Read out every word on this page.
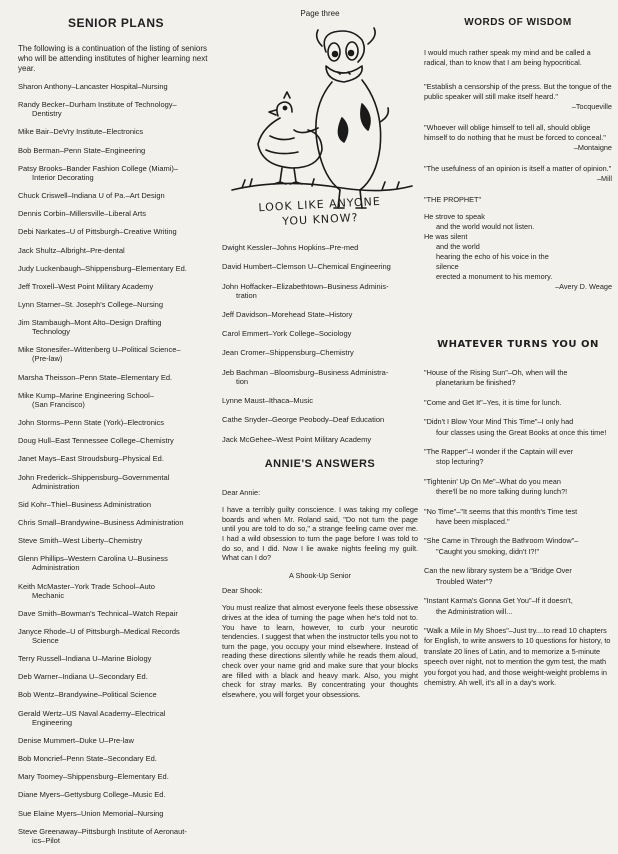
SENIOR PLANS

The following is a continuation of the listing of seniors who will be attending institutes of higher learning next year.

Sharon Anthony–Lancaster Hospital–Nursing
Randy Becker–Durham Institute of Technology–
Dentistry
Mike Bair–DeVry Institute–Electronics
Bob Berman–Penn State–Engineering
Patsy Brooks–Bander Fashion College (Miami)–
Interior Decorating
Chuck Criswell–Indiana U of Pa.–Art Design
Dennis Corbin–Millersville–Liberal Arts
Debi Narkates–U of Pittsburgh–Creative Writing
Jack Shultz–Albright–Pre-dental
Judy Luckenbaugh–Shippensburg–Elementary Ed.
Jeff Troxell–West Point Military Academy
Lynn Starner–St. Joseph's College–Nursing
Jim Stambaugh–Mont Alto–Design Drafting
Technology
Mike Stonesifer–Wittenberg U–Political Science–
(Pre-law)
Marsha Theisson–Penn State–Elementary Ed.
Mike Kump–Marine Engineering School–
(San Francisco)
John Storms–Penn State (York)–Electronics
Doug Hull–East Tennessee College–Chemistry
Janet Mays–East Stroudsburg–Physical Ed.
John Frederick–Shippensburg–Governmental
Administration
Sid Kohr–Thiel–Business Administration
Chris Small–Brandywine–Business Administration
Steve Smith–West Liberty–Chemistry
Glenn Phillips–Western Carolina U–Business
Administration
Keith McMaster–York Trade School–Auto
Mechanic
Dave Smith–Bowman's Technical–Watch Repair
Janyce Rhode–U of Pittsburgh–Medical Records
Science
Terry Russell–Indiana U–Marine Biology
Deb Warner–Indiana U–Secondary Ed.
Bob Wentz–Brandywine–Political Science
Gerald Wertz–US Naval Academy–Electrical
Engineering
Denise Mummert–Duke U–Pre-law
Bob Moncrief–Penn State–Secondary Ed.
Mary Toomey–Shippensburg–Elementary Ed.
Diane Myers–Gettysburg College–Music Ed.
Sue Elaine Myers–Union Memorial–Nursing
Steve Greenaway–Pittsburgh Institute of Aeronaut-
ics–Pilot
Page three
LOOK LIKE ANYONE
YOU KNOW?
Dwight Kessler–Johns Hopkins–Pre-med
David Humbert–Clemson U–Chemical Engineering
John Hoffacker–Elizabethtown–Business Adminis-
tration
Jeff Davidson–Morehead State–History
Carol Emmert–York College–Sociology
Jean Cromer–Shippensburg–Chemistry
Jeb Bachman –Bloomsburg–Business Administra-
tion
Lynne Maust–Ithaca–Music
Cathe Snyder–George Peobody–Deaf Education
Jack McGehee–West Point Military Academy
ANNIE'S ANSWERS

Dear Annie:

I have a terribly guilty conscience. I was taking my college boards and when Mr. Roland said, "Do not turn the page until you are told to do so," a strange feeling came over me. I had a wild obsession to turn the page before I was told to do so, and I did. Now I lie awake nights feeling my guilt. What can I do?

A Shook-Up Senior

Dear Shook:

You must realize that almost everyone feels these obsessive drives at the idea of turning the page when he's told not to. You have to learn, however, to curb your neurotic tendencies. I suggest that when the instructor tells you not to turn the page, you occupy your mind elsewhere. Instead of reading these directions silently while he reads them aloud, check over your name grid and make sure that your blocks are filled with a black and heavy mark. Also, you might check for stray marks. By concentrating your thoughts elsewhere, you will forget your obsessions.

WORDS OF WISDOM

I would much rather speak my mind and be called a radical, than to know that I am being hypocritical.

"Establish a censorship of the press. But the tongue of the public speaker will still make itself heard."

–Tocqueville

"Whoever will oblige himself to tell all, should oblige himself to do nothing that he must be forced to conceal."

–Montaigne

"The usefulness of an opinion is itself a matter of opinion."

–Mill
"THE PROPHET"
He strove to speak
and the world would not listen.
He was silent
and the world
hearing the echo of his voice in the
silence
erected a monument to his memory.
–Avery D. Weage
WHATEVER TURNS YOU ON
"House of the Rising Sun"–Oh, when will the
planetarium be finished?
"Come and Get It"–Yes, it is time for lunch.
"Didn't I Blow Your Mind This Time"–I only had
four classes using the Great Books at once this time!
"The Rapper"–I wonder if the Captain will ever
stop lecturing?
"Tightenin' Up On Me"–What do you mean
there'll be no more talking during lunch?!
"No Time"–"It seems that this month's Time test
have been misplaced."
"She Came in Through the Bathroom Window"–
"Caught you smoking, didn't I?!"
Can the new library system be a "Bridge Over
Troubled Water"?
"Instant Karma's Gonna Get You"–If it doesn't,
the Administration will...
"Walk a Mile in My Shoes"–Just try....to read 10 chapters for English, to write answers to 10 questions for history, to translate 20 lines of Latin, and to memorize a 5-minute speech over night, not to mention the gym test, the math you forgot you had, and those weight-weight problems in chemistry. Ah well, it's all in a day's work.
